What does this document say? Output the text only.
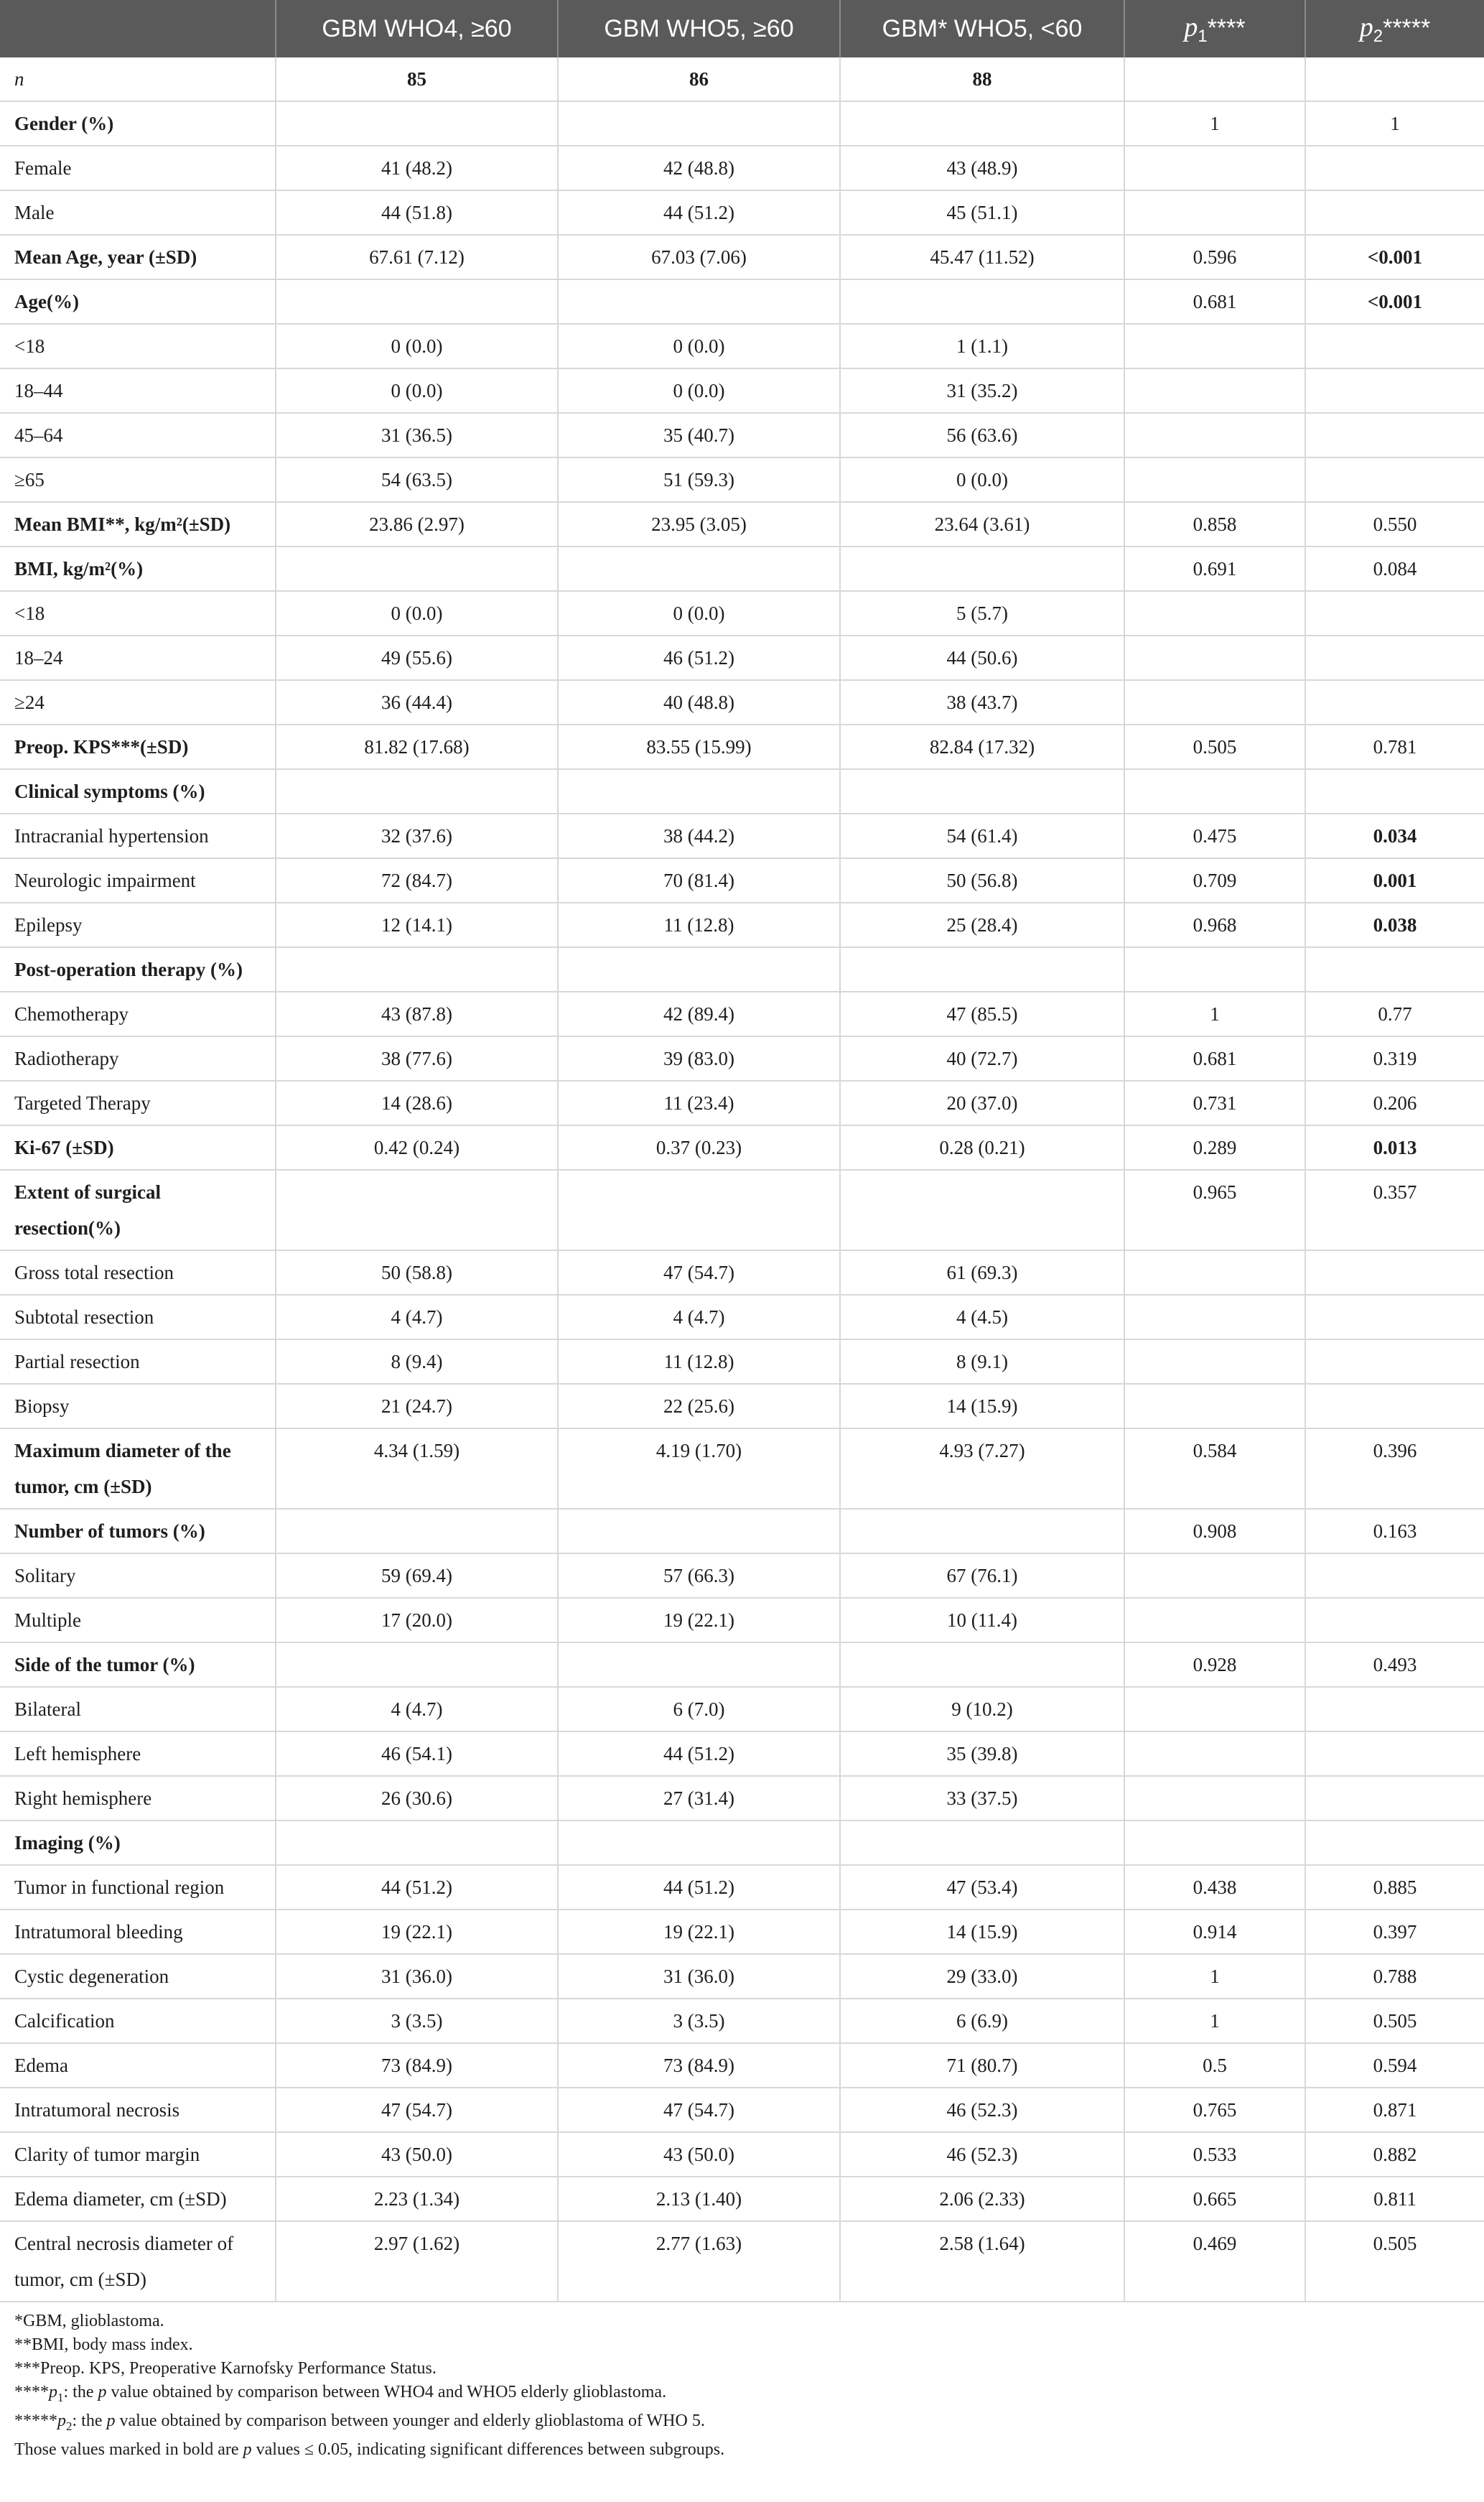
	GBM WHO4, ≥60	GBM WHO5, ≥60	GBM* WHO5, <60	$p_1****$	$p_2*****$
n	85	86	88		
Gender (%)				1	1
Female	41 (48.2)	42 (48.8)	43 (48.9)		
Male	44 (51.8)	44 (51.2)	45 (51.1)		
Mean Age, year (±SD)	67.61 (7.12)	67.03 (7.06)	45.47 (11.52)	0.596	<0.001
Age(%)				0.681	<0.001
<18	0 (0.0)	0 (0.0)	1 (1.1)		
18–44	0 (0.0)	0 (0.0)	31 (35.2)		
45–64	31 (36.5)	35 (40.7)	56 (63.6)		
≥65	54 (63.5)	51 (59.3)	0 (0.0)		
Mean BMI**, kg/m²(±SD)	23.86 (2.97)	23.95 (3.05)	23.64 (3.61)	0.858	0.550
BMI, kg/m²(%)				0.691	0.084
<18	0 (0.0)	0 (0.0)	5 (5.7)		
18–24	49 (55.6)	46 (51.2)	44 (50.6)		
≥24	36 (44.4)	40 (48.8)	38 (43.7)		
Preop. KPS***(±SD)	81.82 (17.68)	83.55 (15.99)	82.84 (17.32)	0.505	0.781
Clinical symptoms (%)					
Intracranial hypertension	32 (37.6)	38 (44.2)	54 (61.4)	0.475	0.034
Neurologic impairment	72 (84.7)	70 (81.4)	50 (56.8)	0.709	0.001
Epilepsy	12 (14.1)	11 (12.8)	25 (28.4)	0.968	0.038
Post-operation therapy (%)					
Chemotherapy	43 (87.8)	42 (89.4)	47 (85.5)	1	0.77
Radiotherapy	38 (77.6)	39 (83.0)	40 (72.7)	0.681	0.319
Targeted Therapy	14 (28.6)	11 (23.4)	20 (37.0)	0.731	0.206
Ki-67 (±SD)	0.42 (0.24)	0.37 (0.23)	0.28 (0.21)	0.289	0.013
Extent of surgical resection(%)				0.965	0.357
Gross total resection	50 (58.8)	47 (54.7)	61 (69.3)		
Subtotal resection	4 (4.7)	4 (4.7)	4 (4.5)		
Partial resection	8 (9.4)	11 (12.8)	8 (9.1)		
Biopsy	21 (24.7)	22 (25.6)	14 (15.9)		
Maximum diameter of the tumor, cm (±SD)	4.34 (1.59)	4.19 (1.70)	4.93 (7.27)	0.584	0.396
Number of tumors (%)				0.908	0.163
Solitary	59 (69.4)	57 (66.3)	67 (76.1)		
Multiple	17 (20.0)	19 (22.1)	10 (11.4)		
Side of the tumor (%)				0.928	0.493
Bilateral	4 (4.7)	6 (7.0)	9 (10.2)		
Left hemisphere	46 (54.1)	44 (51.2)	35 (39.8)		
Right hemisphere	26 (30.6)	27 (31.4)	33 (37.5)		
Imaging (%)					
Tumor in functional region	44 (51.2)	44 (51.2)	47 (53.4)	0.438	0.885
Intratumoral bleeding	19 (22.1)	19 (22.1)	14 (15.9)	0.914	0.397
Cystic degeneration	31 (36.0)	31 (36.0)	29 (33.0)	1	0.788
Calcification	3 (3.5)	3 (3.5)	6 (6.9)	1	0.505
Edema	73 (84.9)	73 (84.9)	71 (80.7)	0.5	0.594
Intratumoral necrosis	47 (54.7)	47 (54.7)	46 (52.3)	0.765	0.871
Clarity of tumor margin	43 (50.0)	43 (50.0)	46 (52.3)	0.533	0.882
Edema diameter, cm (±SD)	2.23 (1.34)	2.13 (1.40)	2.06 (2.33)	0.665	0.811
Central necrosis diameter of tumor, cm (±SD)	2.97 (1.62)	2.77 (1.63)	2.58 (1.64)	0.469	0.505
*GBM, glioblastoma.
**BMI, body mass index.
***Preop. KPS, Preoperative Karnofsky Performance Status.
$****p_1$: the p value obtained by comparison between WHO4 and WHO5 elderly glioblastoma.
$*****p_2$: the p value obtained by comparison between younger and elderly glioblastoma of WHO 5.
Those values marked in bold are p values ≤ 0.05, indicating significant differences between subgroups.
